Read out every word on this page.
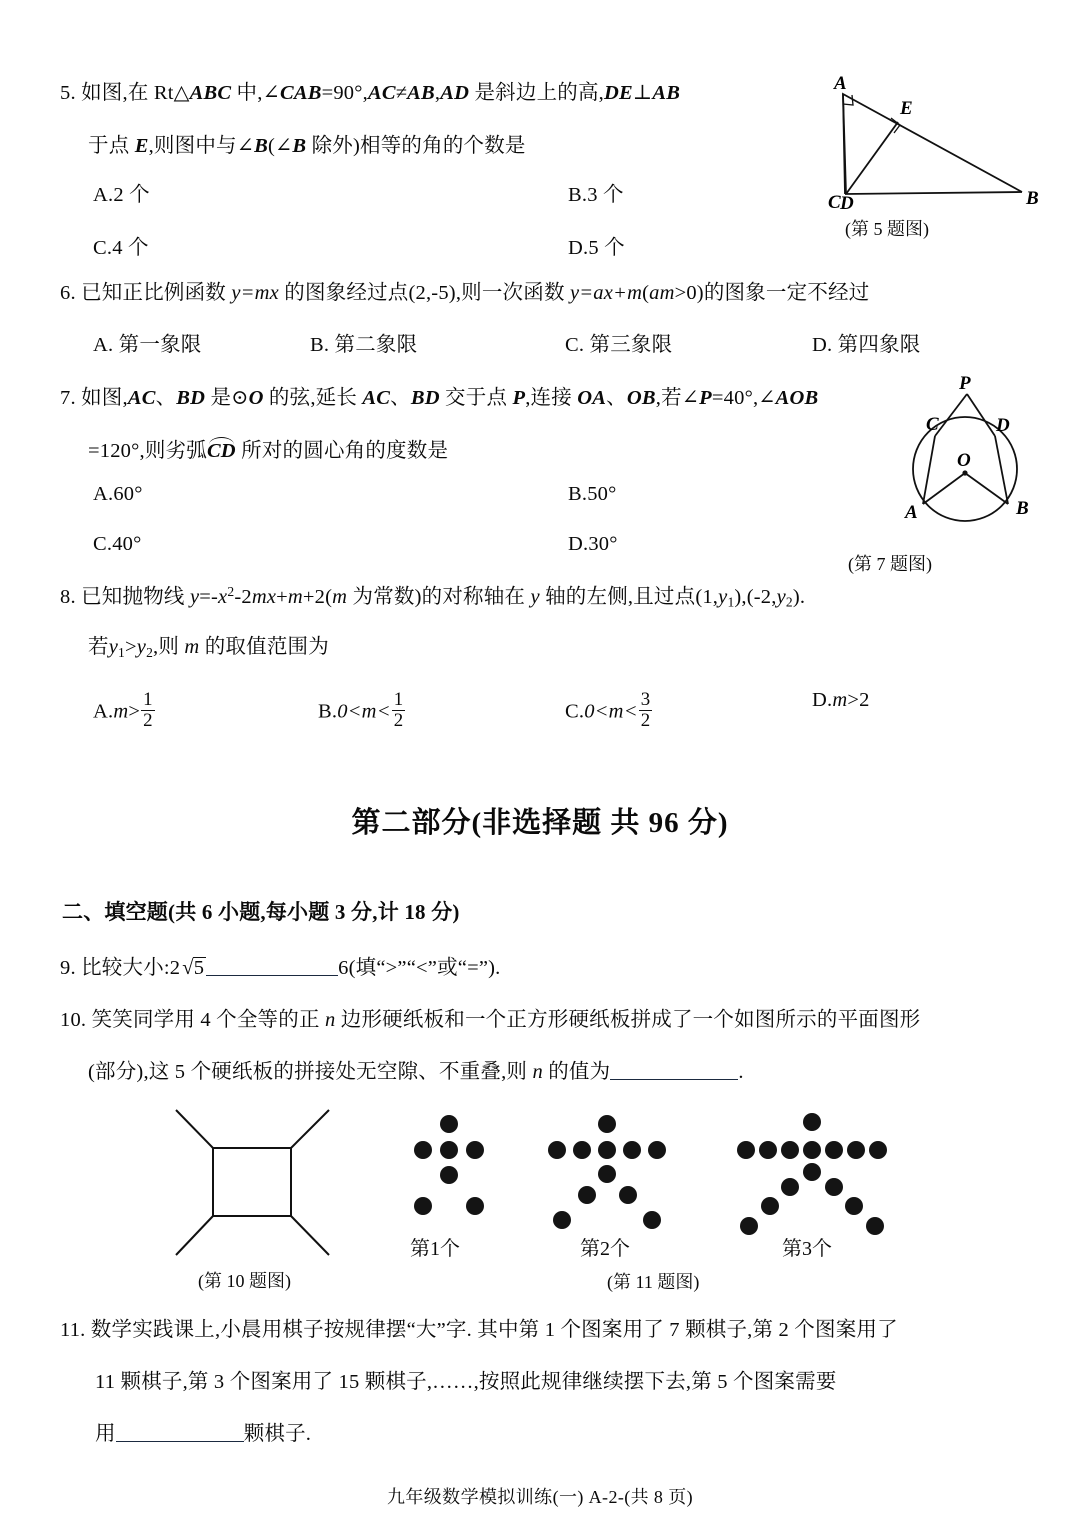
5. 如图,在 Rt△ABC 中,∠CAB=90°,AC≠AB,AD 是斜边上的高,DE⊥AB
于点 E,则图中与∠B(∠B 除外)相等的角的个数是
A.2 个	B.3 个
C.4 个	D.5 个
A
E
C D	B
(第 5 题图)
6. 已知正比例函数 y=mx 的图象经过点(2,-5),则一次函数 y=ax+m(am>0)的图象一定不经过
A. 第一象限	B. 第二象限	C. 第三象限	D. 第四象限
7. 如图,AC、BD 是⊙O 的弦,延长 AC、BD 交于点 P,连接 OA、OB,若∠P=40°,∠AOB
=120°,则劣弧CD 所对的圆心角的度数是
A.60°	B.50°
C.40°	D.30°
P
C	D
O
A	B
(第 7 题图)
8. 已知抛物线 $y=-x^2-2mx+m+2(m$ 为常数)的对称轴在 y 轴的左侧,且过点$(1,y_1),(-2,y_2)$.
若$y_1>y_2$,则 m 的取值范围为
$A.m> \frac{1}{2}$	$B.0<m< \frac{1}{2}$	$C.0<m< \frac{3}{2}$	D.m>2
第二部分(非选择题 共 96 分)
二、填空题(共 6 小题,每小题 3 分,计 18 分)
9. 比较大小:2√5	6(填“>”“<”或“=”).
10. 笑笑同学用 4 个全等的正 n 边形硬纸板和一个正方形硬纸板拼成了一个如图所示的平面图形
(部分),这 5 个硬纸板的拼接处无空隙、不重叠,则 n 的值为	.
(第 10 题图)
第1个	第2个	第3个
(第 11 题图)
11. 数学实践课上,小晨用棋子按规律摆“大”字. 其中第 1 个图案用了 7 颗棋子,第 2 个图案用了
11 颗棋子,第 3 个图案用了 15 颗棋子,……,按照此规律继续摆下去,第 5 个图案需要
用	颗棋子.
九年级数学模拟训练(一) A-2-(共 8 页)
